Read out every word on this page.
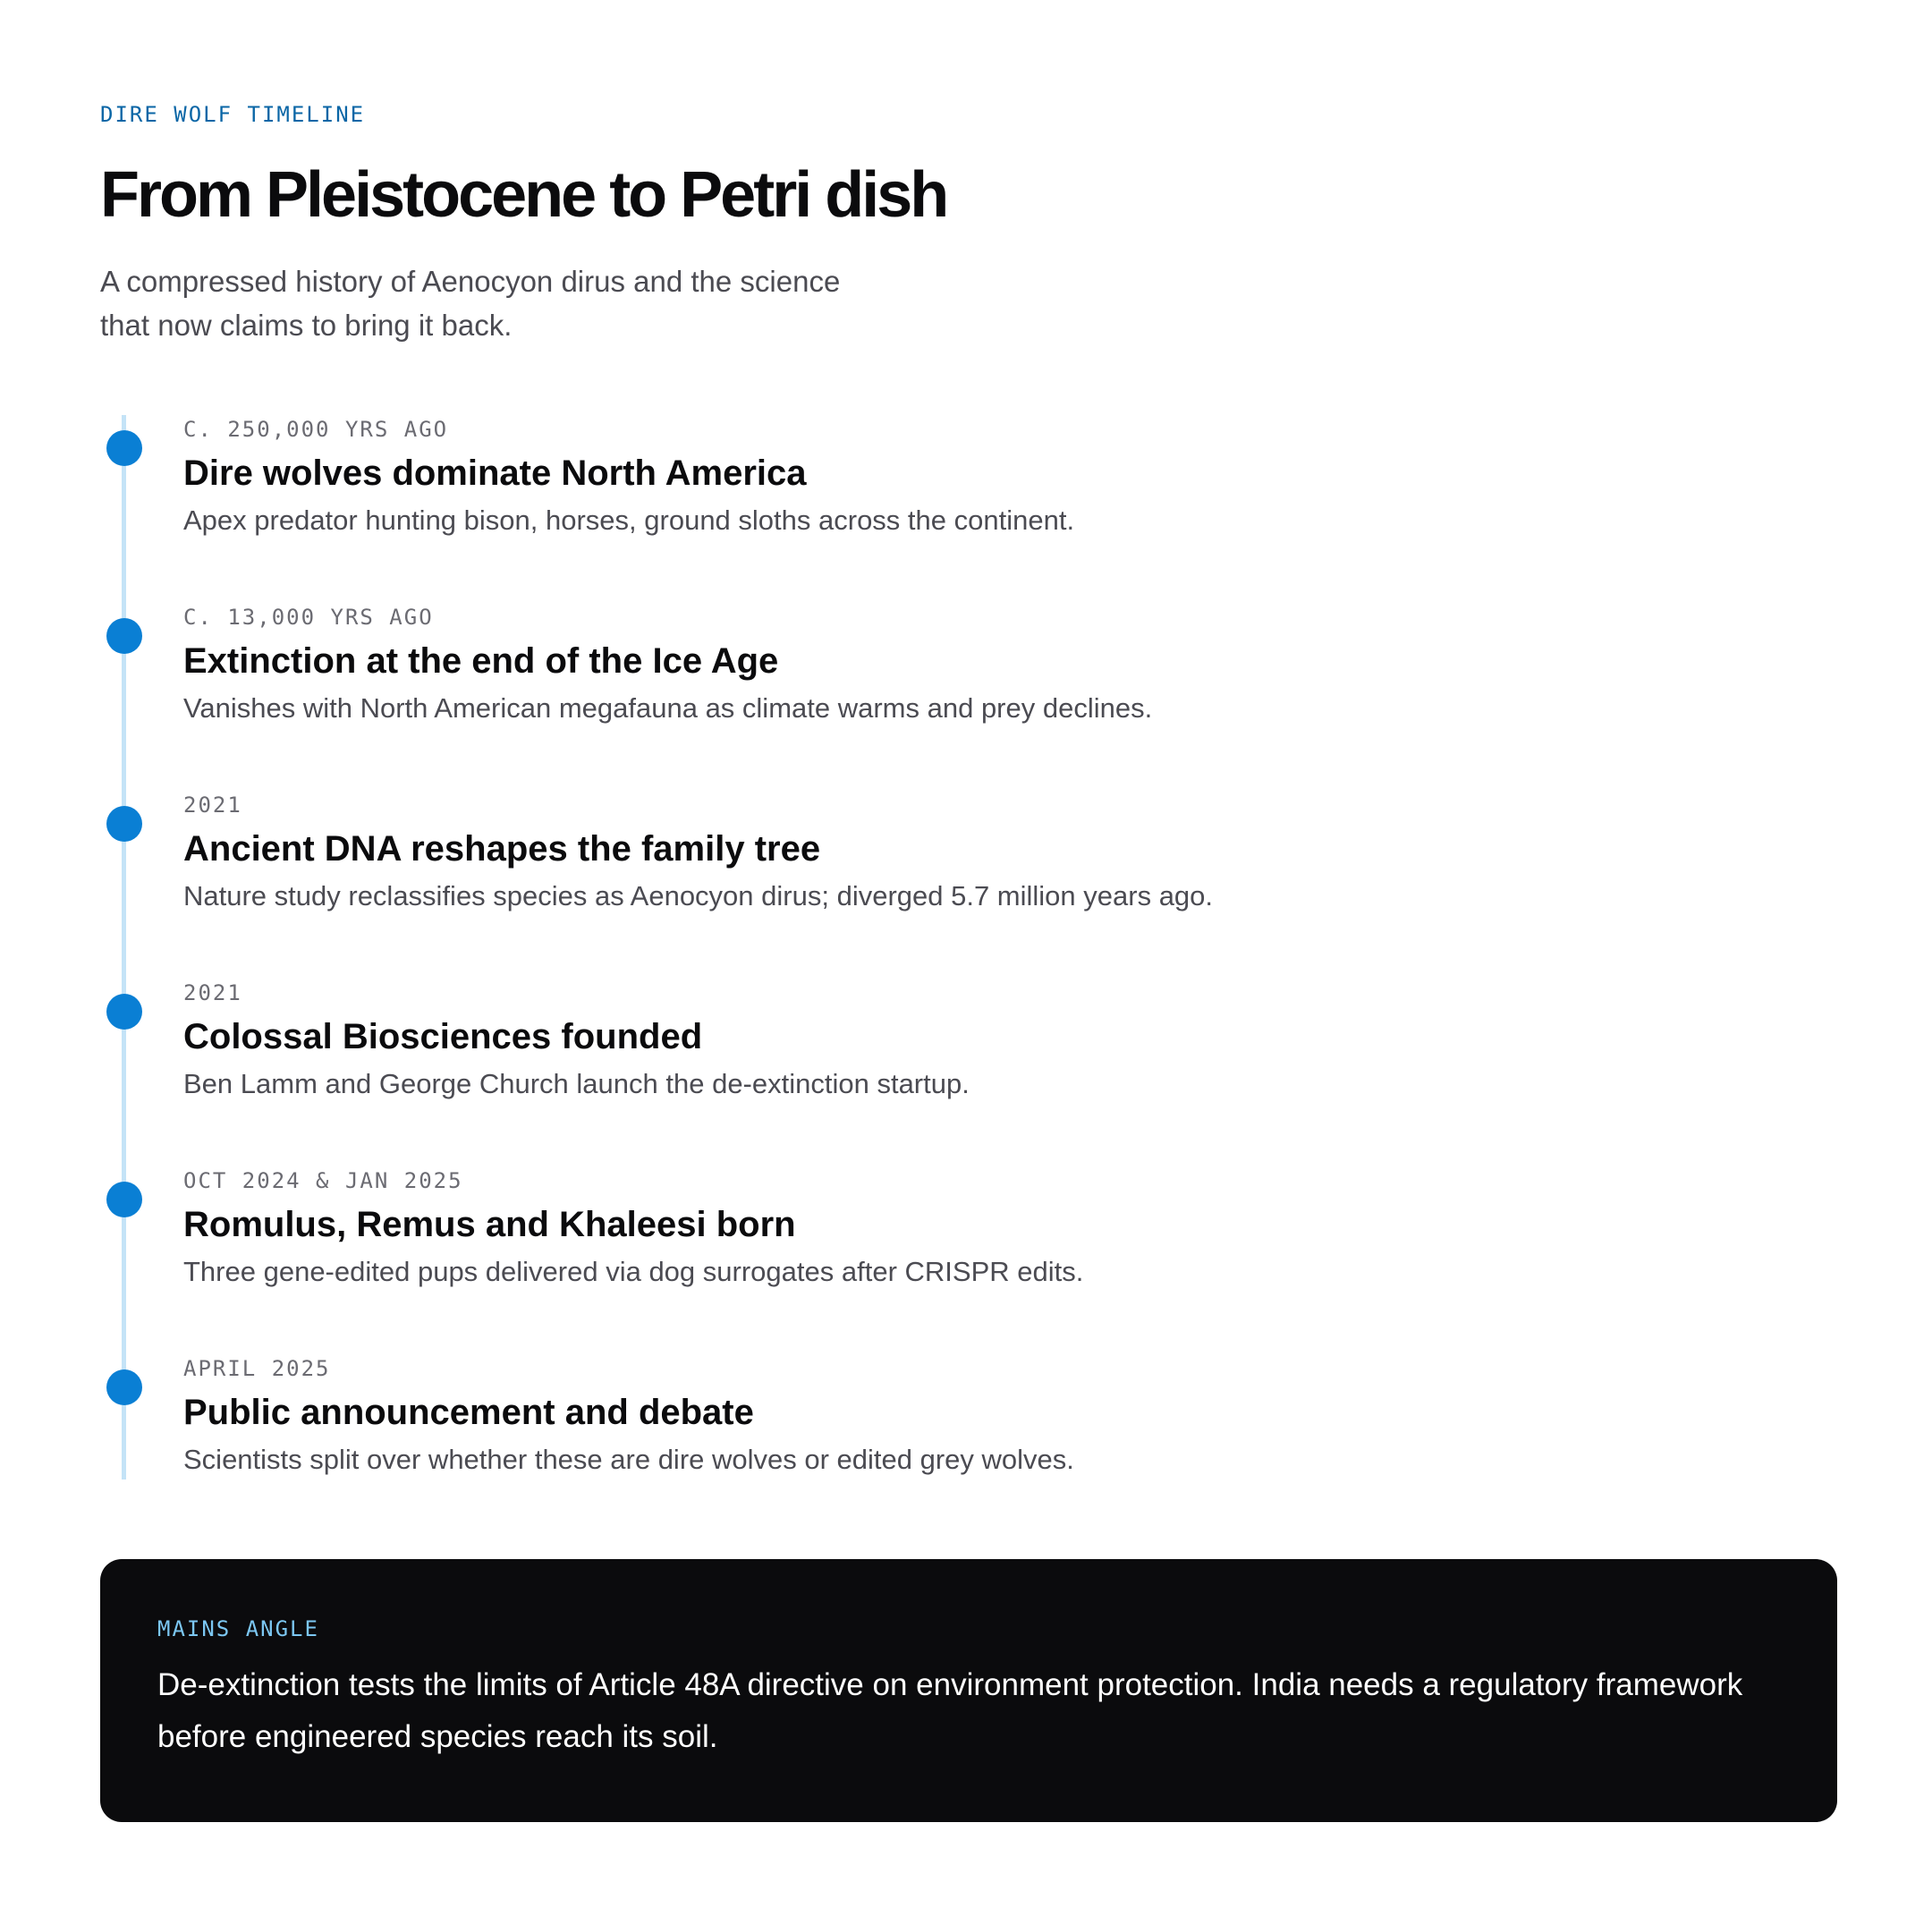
DIRE WOLF TIMELINE

From Pleistocene to Petri dish

A compressed history of Aenocyon dirus and the science
that now claims to bring it back.

C. 250,000 YRS AGO
Dire wolves dominate North America
Apex predator hunting bison, horses, ground sloths across the continent.
C. 13,000 YRS AGO
Extinction at the end of the Ice Age
Vanishes with North American megafauna as climate warms and prey declines.
2021
Ancient DNA reshapes the family tree
Nature study reclassifies species as Aenocyon dirus; diverged 5.7 million years ago.
2021
Colossal Biosciences founded
Ben Lamm and George Church launch the de-extinction startup.
OCT 2024 & JAN 2025
Romulus, Remus and Khaleesi born
Three gene-edited pups delivered via dog surrogates after CRISPR edits.
APRIL 2025
Public announcement and debate
Scientists split over whether these are dire wolves or edited grey wolves.
MAINS ANGLE
De-extinction tests the limits of Article 48A directive on environment protection. India needs a regulatory framework before engineered species reach its soil.
